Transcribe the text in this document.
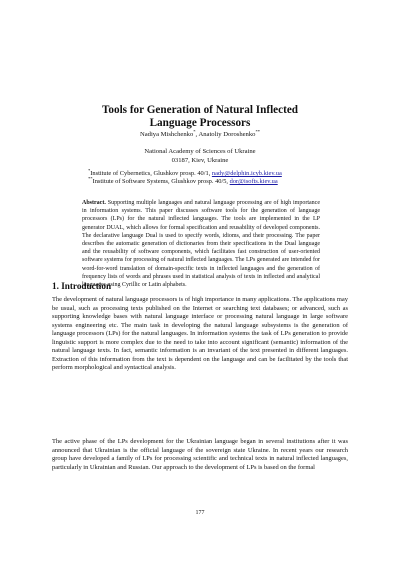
Tools for Generation of Natural Inflected
Language Processors
Nadiya Mishchenko*, Anatoliy Doroshenko**
National Academy of Sciences of Ukraine
03187, Kiev, Ukraine
*Institute of Cybernetics, Glushkov prosp. 40/1, nady@delphin.icyb.kiev.ua
**Institute of Software Systems, Glushkov prosp. 40/5, dor@isofts.kiev.ua
Abstract. Supporting multiple languages and natural language processing are of high importance in information systems. This paper discusses software tools for the generation of language processors (LPs) for the natural inflected languages. The tools are implemented in the LP generator DUAL, which allows for formal specification and reusability of developed components. The declarative language Dual is used to specify words, idioms, and their processing. The paper describes the automatic generation of dictionaries from their specifications in the Dual language and the reusability of software components, which facilitates fast construction of user-oriented software systems for processing of natural inflected languages. The LPs generated are intended for word-for-word translation of domain-specific texts in inflected languages and the generation of frequency lists of words and phrases used in statistical analysis of texts in inflected and analytical languages using Cyrillic or Latin alphabets.
1. Introduction
The development of natural language processors is of high importance in many applications. The applications may be usual, such as processing texts published on the Internet or searching text databases; or advanced, such as supporting knowledge bases with natural language interface or processing natural language in large software systems engineering etc. The main task in developing the natural language subsystems is the generation of language processors (LPs) for the natural languages. In information systems the task of LPs generation to provide linguistic support is more complex due to the need to take into account significant (semantic) information of the natural language texts. In fact, semantic information is an invariant of the text presented in different languages. Extraction of this information from the text is dependent on the language and can be facilitated by the tools that perform morphological and syntactical analysis.
The active phase of the LPs development for the Ukrainian language began in several institutions after it was announced that Ukrainian is the official language of the sovereign state Ukraine. In recent years our research group have developed a family of LPs for processing scientific and technical texts in natural inflected languages, particularly in Ukrainian and Russian. Our approach to the development of LPs is based on the formal
177
